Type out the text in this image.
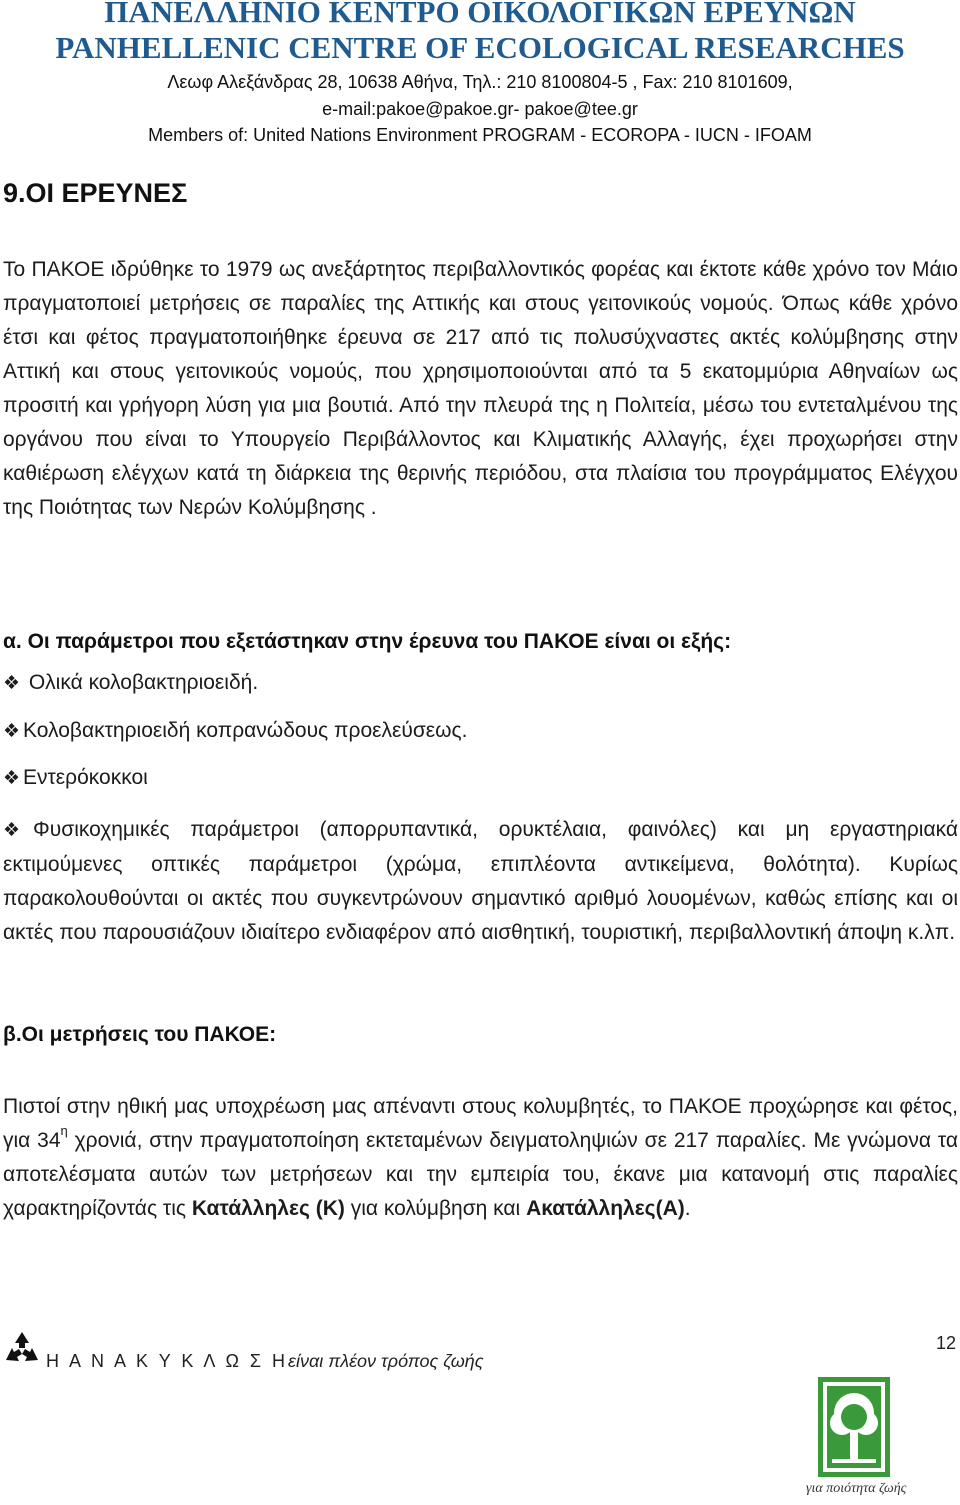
ΠΑΝΕΛΛΗΝΙΟ ΚΕΝΤΡΟ ΟΙΚΟΛΟΓΙΚΩΝ ΕΡΕΥΝΩΝ
PANHELLENIC CENTRE OF ECOLOGICAL RESEARCHES
Λεωφ Αλεξάνδρας 28, 10638 Αθήνα, Τηλ.: 210 8100804-5 , Fax: 210 8101609,
e-mail:pakoe@pakoe.gr- pakoe@tee.gr
Members of: United Nations Environment PROGRAM - ECOROPA - IUCN - IFOAM
9.ΟΙ ΕΡΕΥΝΕΣ
Το ΠΑΚΟΕ ιδρύθηκε το 1979 ως ανεξάρτητος περιβαλλοντικός φορέας και έκτοτε κάθε χρόνο τον Μάιο πραγματοποιεί μετρήσεις σε παραλίες της Αττικής και στους γειτονικούς νομούς. Όπως κάθε χρόνο έτσι και φέτος πραγματοποιήθηκε έρευνα σε 217 από τις πολυσύχναστες ακτές κολύμβησης στην Αττική και στους γειτονικούς νομούς, που χρησιμοποιούνται από τα 5 εκατομμύρια Αθηναίων ως προσιτή και γρήγορη λύση για μια βουτιά. Από την πλευρά της η Πολιτεία, μέσω του εντεταλμένου της οργάνου που είναι το Υπουργείο Περιβάλλοντος και Κλιματικής Αλλαγής, έχει προχωρήσει στην καθιέρωση ελέγχων κατά τη διάρκεια της θερινής περιόδου, στα πλαίσια του προγράμματος Ελέγχου της Ποιότητας των Νερών Κολύμβησης .
α. Οι παράμετροι που εξετάστηκαν στην έρευνα του ΠΑΚΟΕ είναι οι εξής:
❖ Ολικά κολοβακτηριοειδή.
❖ Κολοβακτηριοειδή κοπρανώδους προελεύσεως.
❖ Εντερόκοκκοι
❖ Φυσικοχημικές παράμετροι (απορρυπαντικά, ορυκτέλαια, φαινόλες) και μη εργαστηριακά εκτιμούμενες οπτικές παράμετροι (χρώμα, επιπλέοντα αντικείμενα, θολότητα). Κυρίως παρακολουθούνται οι ακτές που συγκεντρώνουν σημαντικό αριθμό λουομένων, καθώς επίσης και οι ακτές που παρουσιάζουν ιδιαίτερο ενδιαφέρον από αισθητική, τουριστική, περιβαλλοντική άποψη κ.λπ.
β.Οι μετρήσεις του ΠΑΚΟΕ:
Πιστοί στην ηθική μας υποχρέωση μας απέναντι στους κολυμβητές, το ΠΑΚΟΕ προχώρησε και φέτος, για $34^\eta$ χρονιά, στην πραγματοποίηση εκτεταμένων δειγματοληψιών σε 217 παραλίες. Με γνώμονα τα αποτελέσματα αυτών των μετρήσεων και την εμπειρία του, έκανε μια κατανομή στις παραλίες χαρακτηρίζοντάς τις Κατάλληλες (Κ) για κολύμβηση και Ακατάλληλες(Α).
Η Α Ν Α Κ Υ Κ Λ Ω Σ Ηείναι πλέον τρόπος ζωής
12
για ποιότητα ζωής
